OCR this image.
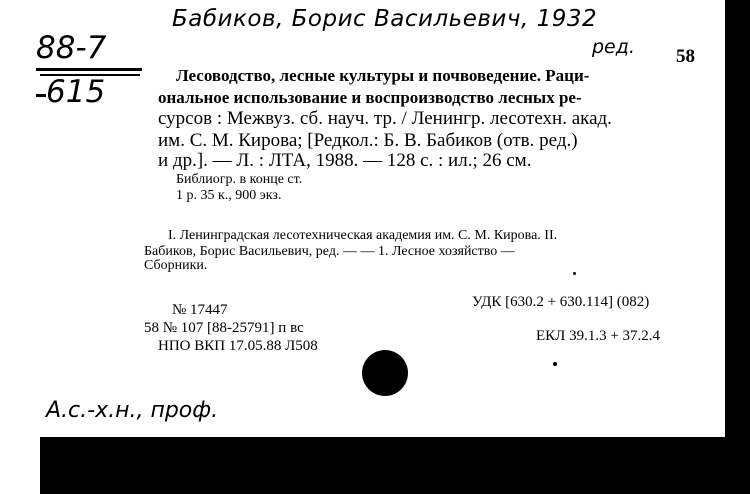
Бабиков, Борис Васильевич, 1932
ред.
88-7
615
58
Лесоводство, лесные культуры и почвоведение. Раци-
ональное использование и воспроизводство лесных ре-
сурсов : Межвуз. сб. науч. тр. / Ленингр. лесотехн. акад.
им. С. М. Кирова; [Редкол.: Б. В. Бабиков (отв. ред.)
и др.]. — Л. : ЛТА, 1988. — 128 с. : ил.; 26 см.
Библиогр. в конце ст.
1 р. 35 к., 900 экз.
I. Ленинградская лесотехническая академия им. С. М. Кирова. II.
Бабиков, Борис Васильевич, ред. — — 1. Лесное хозяйство —
Сборники.
№ 17447
58 № 107 [88-25791] п вс
НПО ВКП 17.05.88 Л508
УДК [630.2 + 630.114] (082)
ЕКЛ 39.1.3 + 37.2.4
А.с.-х.н., проф.
